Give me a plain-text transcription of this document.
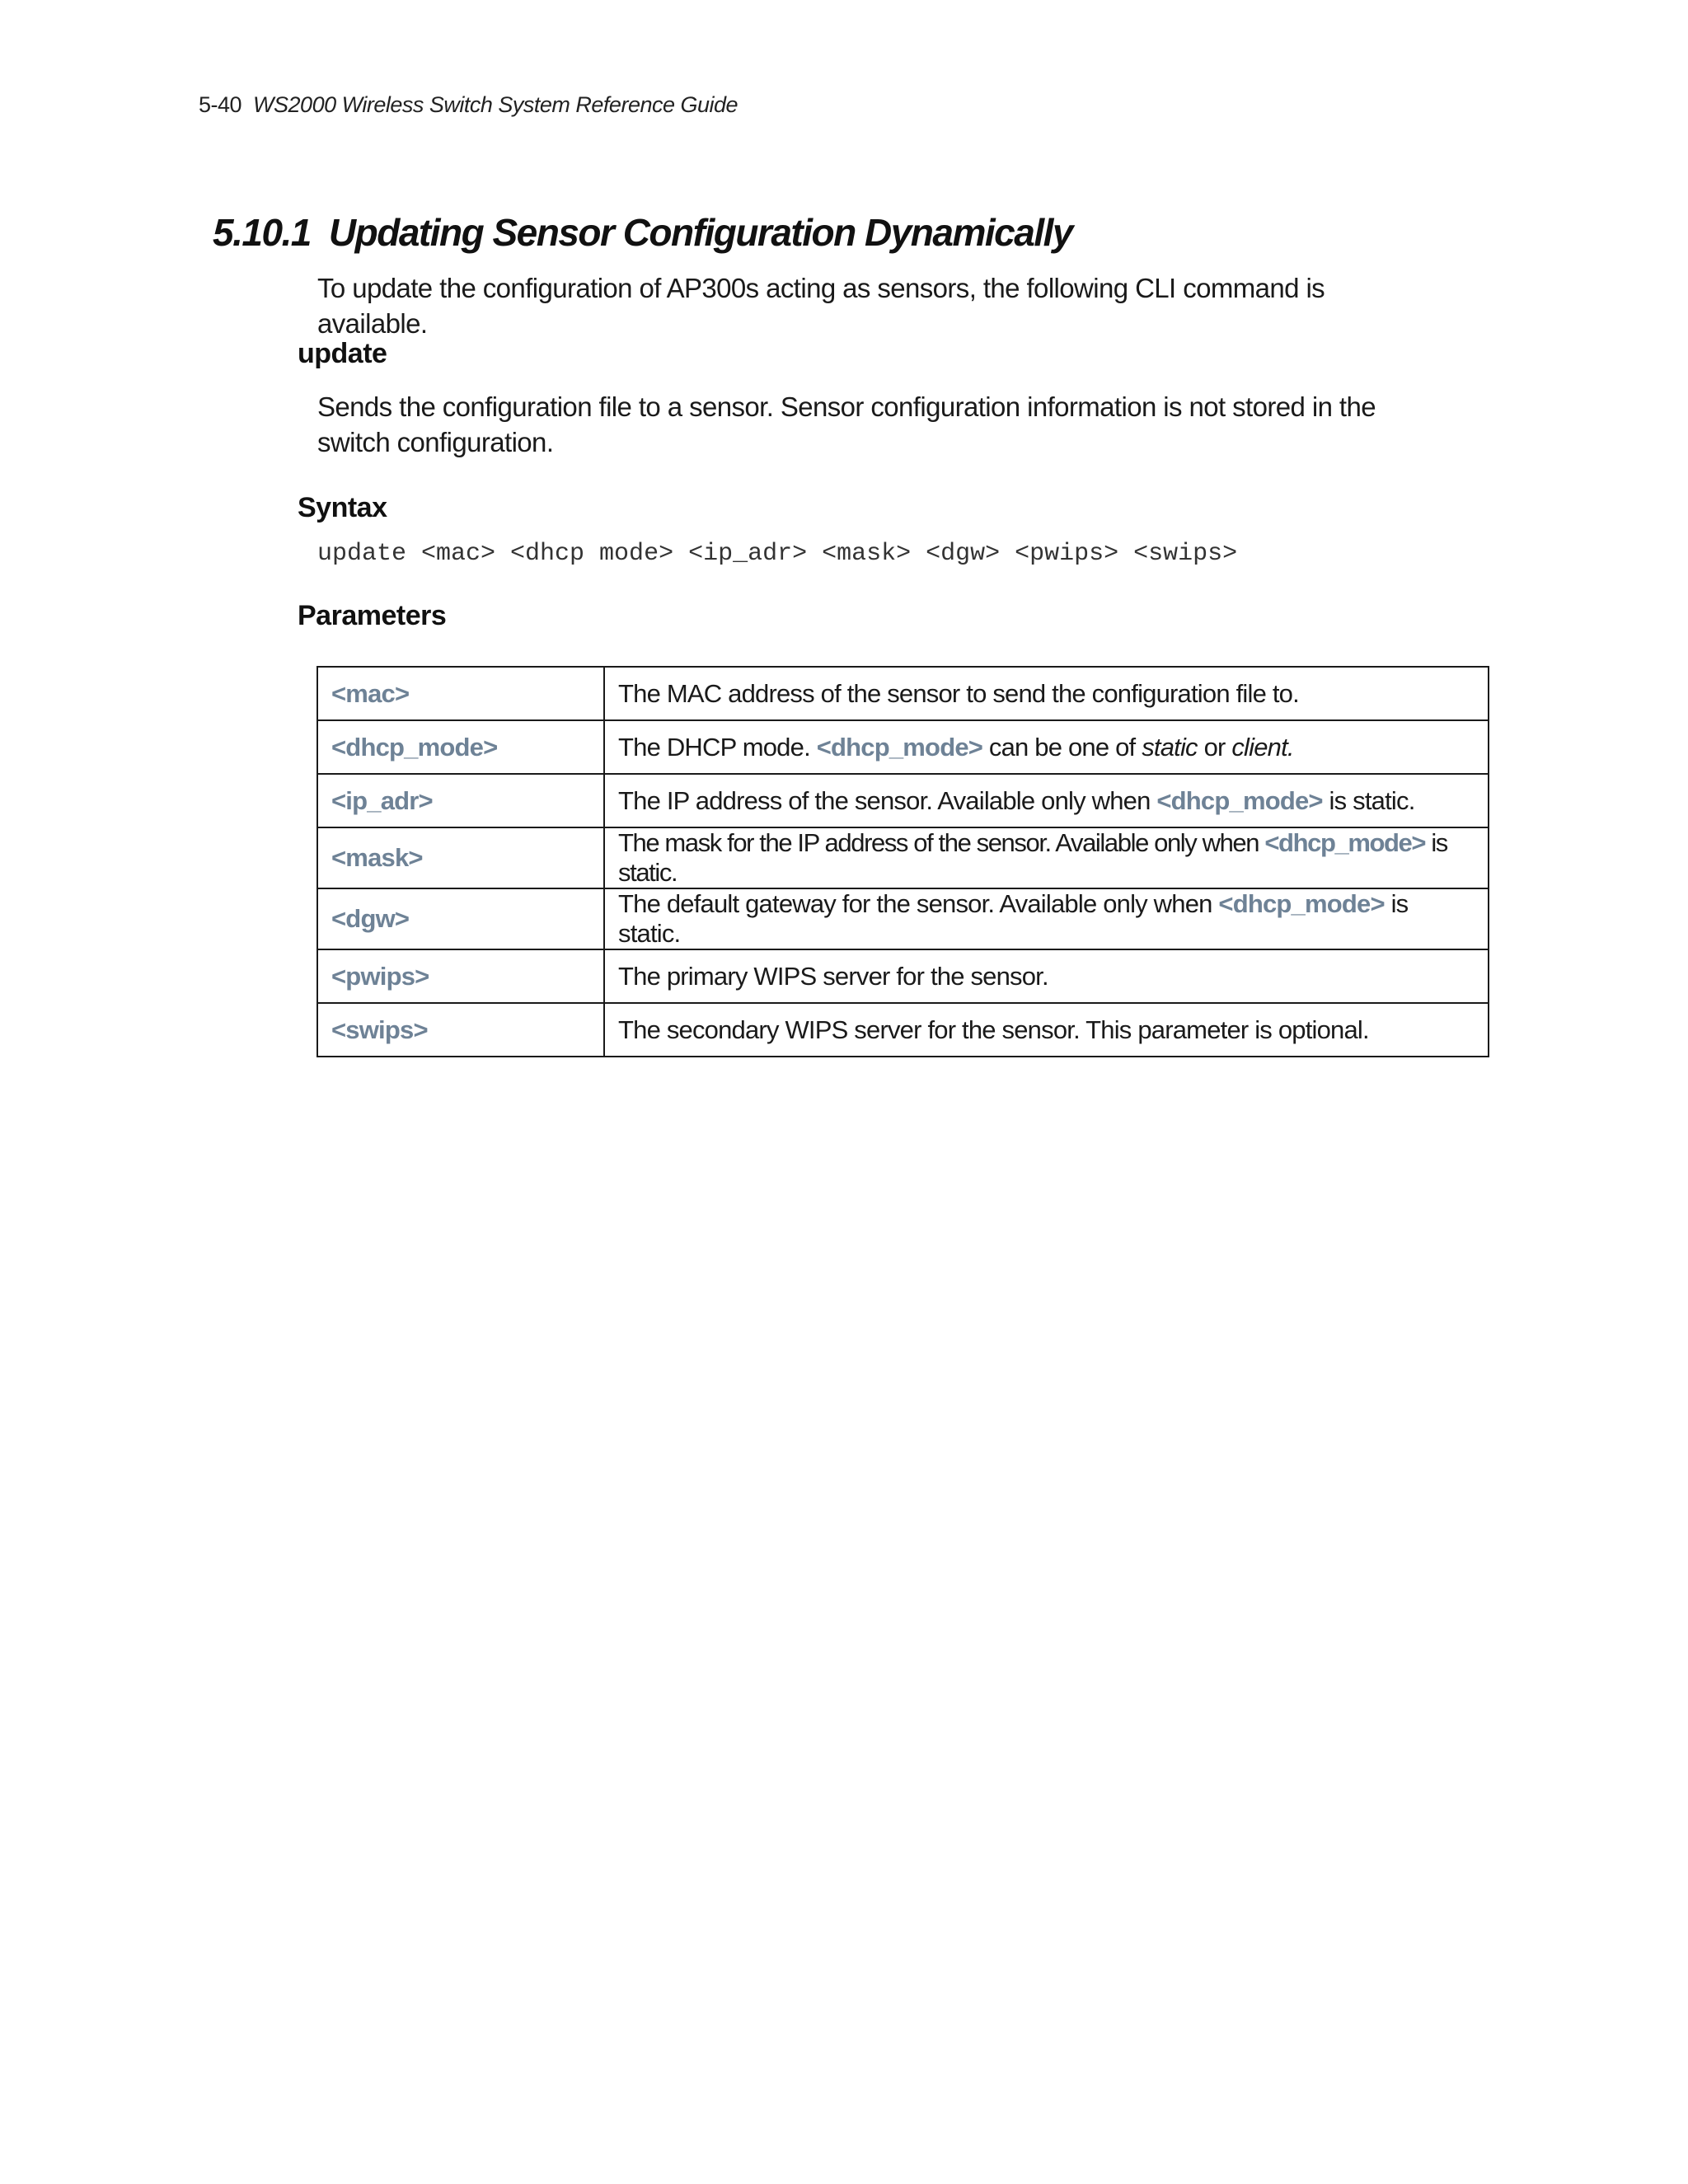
5-40 WS2000 Wireless Switch System Reference Guide
5.10.1 Updating Sensor Configuration Dynamically

To update the configuration of AP300s acting as sensors, the following CLI command is available.

update

Sends the configuration file to a sensor. Sensor configuration information is not stored in the switch configuration.

Syntax
update <mac> <dhcp mode> <ip_adr> <mask> <dgw> <pwips> <swips>
Parameters
<mac>	The MAC address of the sensor to send the configuration file to.
<dhcp_mode>	The DHCP mode. <dhcp_mode> can be one of static or client.
<ip_adr>	The IP address of the sensor. Available only when <dhcp_mode> is static.
<mask>	The mask for the IP address of the sensor. Available only when <dhcp_mode> is static.
<dgw>	The default gateway for the sensor. Available only when <dhcp_mode> is static.
<pwips>	The primary WIPS server for the sensor.
<swips>	The secondary WIPS server for the sensor. This parameter is optional.
